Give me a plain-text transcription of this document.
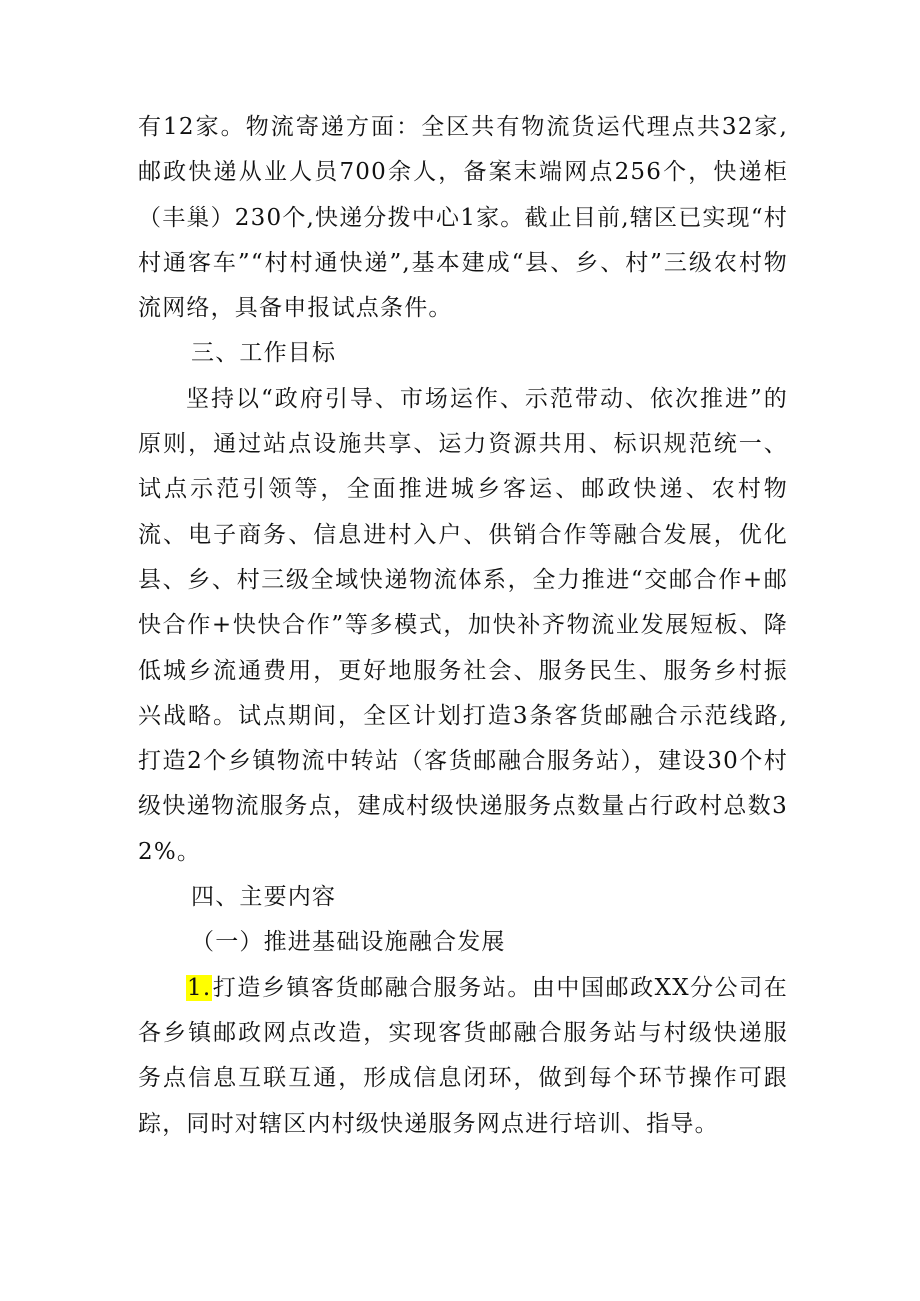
有12家。物流寄递方面：全区共有物流货运代理点共32家,邮政快递从业人员700余人，备案末端网点256个，快递柜（丰巢）230个,快递分拨中心1家。截止目前,辖区已实现“村村通客车”“村村通快递”,基本建成“县、乡、村”三级农村物流网络，具备申报试点条件。

三、工作目标

坚持以“政府引导、市场运作、示范带动、依次推进”的原则，通过站点设施共享、运力资源共用、标识规范统一、试点示范引领等，全面推进城乡客运、邮政快递、农村物流、电子商务、信息进村入户、供销合作等融合发展，优化县、乡、村三级全域快递物流体系，全力推进“交邮合作+邮快合作+快快合作”等多模式，加快补齐物流业发展短板、降低城乡流通费用，更好地服务社会、服务民生、服务乡村振兴战略。试点期间，全区计划打造3条客货邮融合示范线路,打造2个乡镇物流中转站（客货邮融合服务站），建设30个村级快递物流服务点，建成村级快递服务点数量占行政村总数32%。

四、主要内容

（一）推进基础设施融合发展

1.打造乡镇客货邮融合服务站。由中国邮政XX分公司在各乡镇邮政网点改造，实现客货邮融合服务站与村级快递服务点信息互联互通，形成信息闭环，做到每个环节操作可跟踪，同时对辖区内村级快递服务网点进行培训、指导。
